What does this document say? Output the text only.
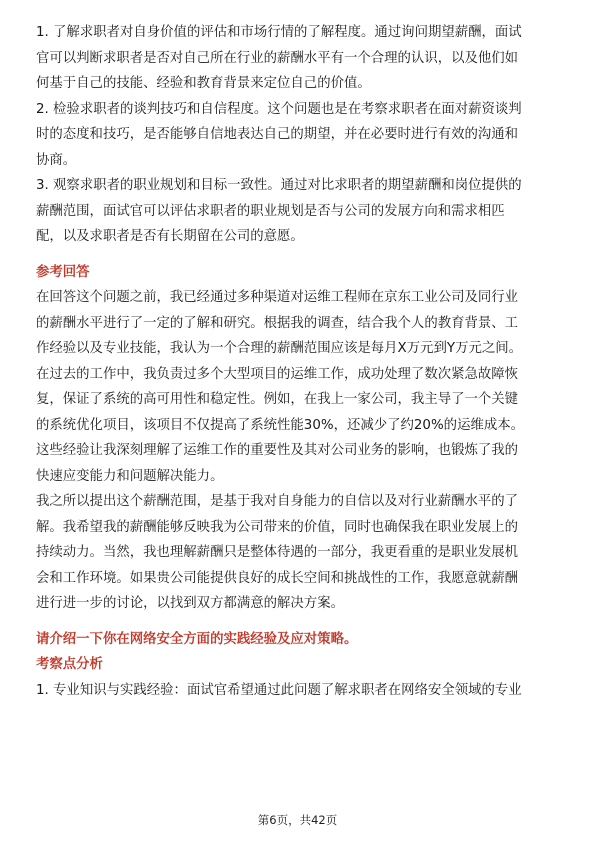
1. 了解求职者对自身价值的评估和市场行情的了解程度。通过询问期望薪酬，面试

官可以判断求职者是否对自己所在行业的薪酬水平有一个合理的认识，以及他们如

何基于自己的技能、经验和教育背景来定位自己的价值。

2. 检验求职者的谈判技巧和自信程度。这个问题也是在考察求职者在面对薪资谈判

时的态度和技巧，是否能够自信地表达自己的期望，并在必要时进行有效的沟通和

协商。

3. 观察求职者的职业规划和目标一致性。通过对比求职者的期望薪酬和岗位提供的

薪酬范围，面试官可以评估求职者的职业规划是否与公司的发展方向和需求相匹

配，以及求职者是否有长期留在公司的意愿。

参考回答

在回答这个问题之前，我已经通过多种渠道对运维工程师在京东工业公司及同行业

的薪酬水平进行了一定的了解和研究。根据我的调查，结合我个人的教育背景、工

作经验以及专业技能，我认为一个合理的薪酬范围应该是每月X万元到Y万元之间。

在过去的工作中，我负责过多个大型项目的运维工作，成功处理了数次紧急故障恢

复，保证了系统的高可用性和稳定性。例如，在我上一家公司，我主导了一个关键

的系统优化项目，该项目不仅提高了系统性能30%，还减少了约20%的运维成本。

这些经验让我深刻理解了运维工作的重要性及其对公司业务的影响，也锻炼了我的

快速应变能力和问题解决能力。

我之所以提出这个薪酬范围，是基于我对自身能力的自信以及对行业薪酬水平的了

解。我希望我的薪酬能够反映我为公司带来的价值，同时也确保我在职业发展上的

持续动力。当然，我也理解薪酬只是整体待遇的一部分，我更看重的是职业发展机

会和工作环境。如果贵公司能提供良好的成长空间和挑战性的工作，我愿意就薪酬

进行进一步的讨论，以找到双方都满意的解决方案。

请介绍一下你在网络安全方面的实践经验及应对策略。

考察点分析

1. 专业知识与实践经验：面试官希望通过此问题了解求职者在网络安全领域的专业

第6页，共42页
